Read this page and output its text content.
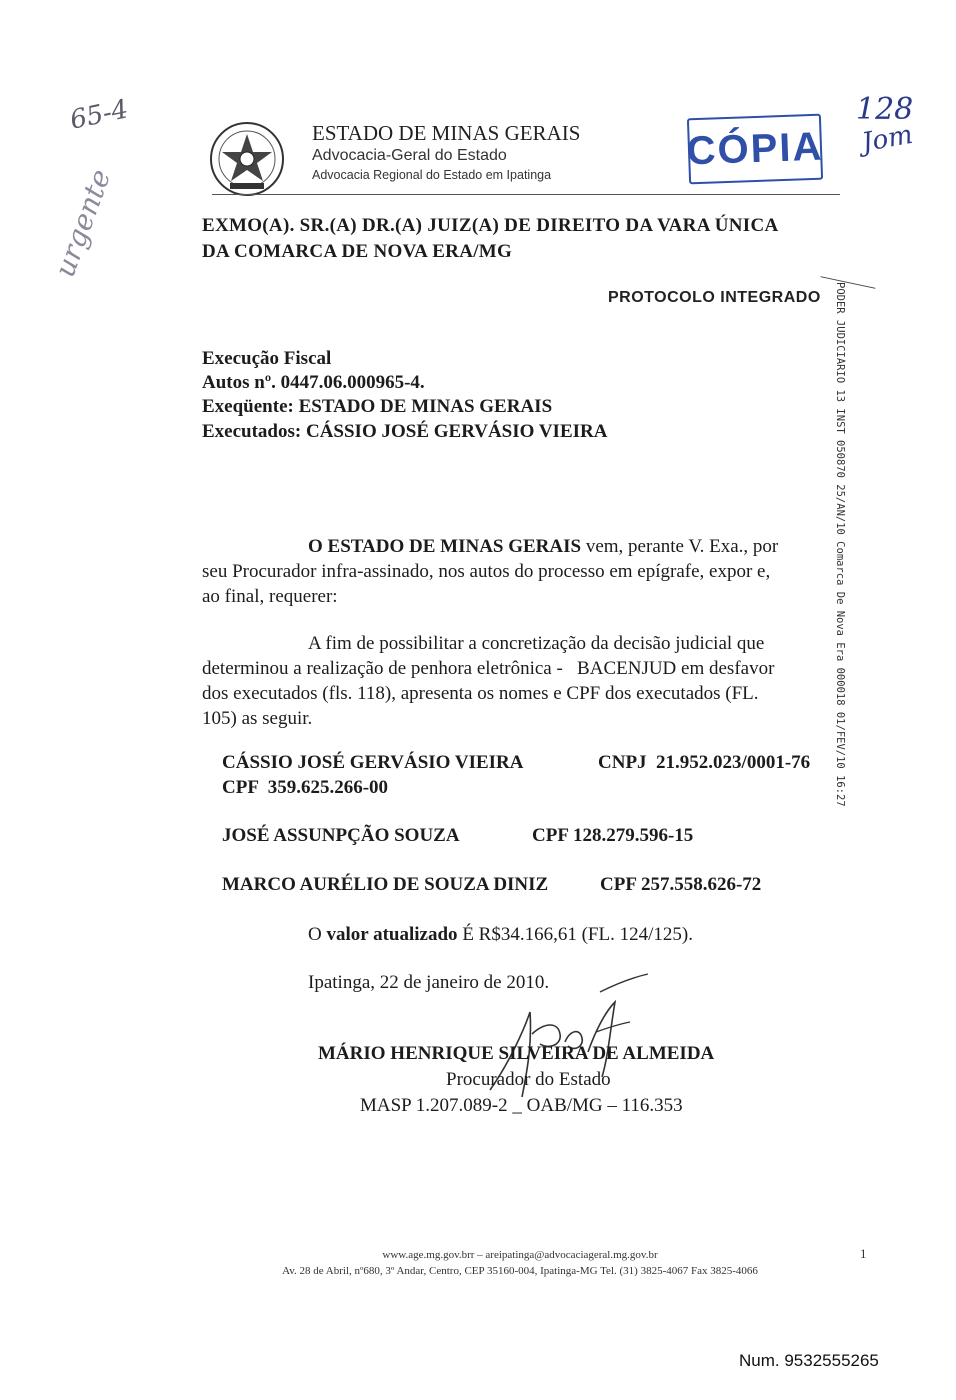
65-4
urgente
128
Jom
ESTADO DE MINAS GERAIS
Advocacia-Geral do Estado
Advocacia Regional do Estado em Ipatinga
CÓPIA
PROTOCOLO INTEGRADO	PODER JUDICIÁRIO 13 INST 050870 25/AN/10 Comarca De Nova Era 000018 01/FEV/10 16:27
EXMO(A). SR.(A) DR.(A) JUIZ(A) DE DIREITO DA VARA ÚNICA
DA COMARCA DE NOVA ERA/MG
Execução Fiscal
Autos nº. 0447.06.000965-4.
Exeqüente: ESTADO DE MINAS GERAIS
Executados: CÁSSIO JOSÉ GERVÁSIO VIEIRA
O ESTADO DE MINAS GERAIS vem, perante V. Exa., por
seu Procurador infra-assinado, nos autos do processo em epígrafe, expor e,
ao final, requerer:
A fim de possibilitar a concretização da decisão judicial que
determinou a realização de penhora eletrônica -   BACENJUD em desfavor
dos executados (fls. 118), apresenta os nomes e CPF dos executados (FL.
105) as seguir.
CÁSSIO JOSÉ GERVÁSIO VIEIRA	CNPJ  21.952.023/0001-76
CPF  359.625.266-00
JOSÉ ASSUNPÇÃO SOUZA	CPF 128.279.596-15
MARCO AURÉLIO DE SOUZA DINIZ	CPF 257.558.626-72
O valor atualizado É R$34.166,61 (FL. 124/125).
Ipatinga, 22 de janeiro de 2010.
MÁRIO HENRIQUE SILVEIRA DE ALMEIDA
Procurador do Estado
MASP 1.207.089-2 _ OAB/MG – 116.353
www.age.mg.gov.brr – areipatinga@advocaciageral.mg.gov.br
Av. 28 de Abril, nº680, 3º Andar, Centro, CEP 35160-004, Ipatinga-MG Tel. (31) 3825-4067 Fax 3825-4066
1
Num. 9532555265
